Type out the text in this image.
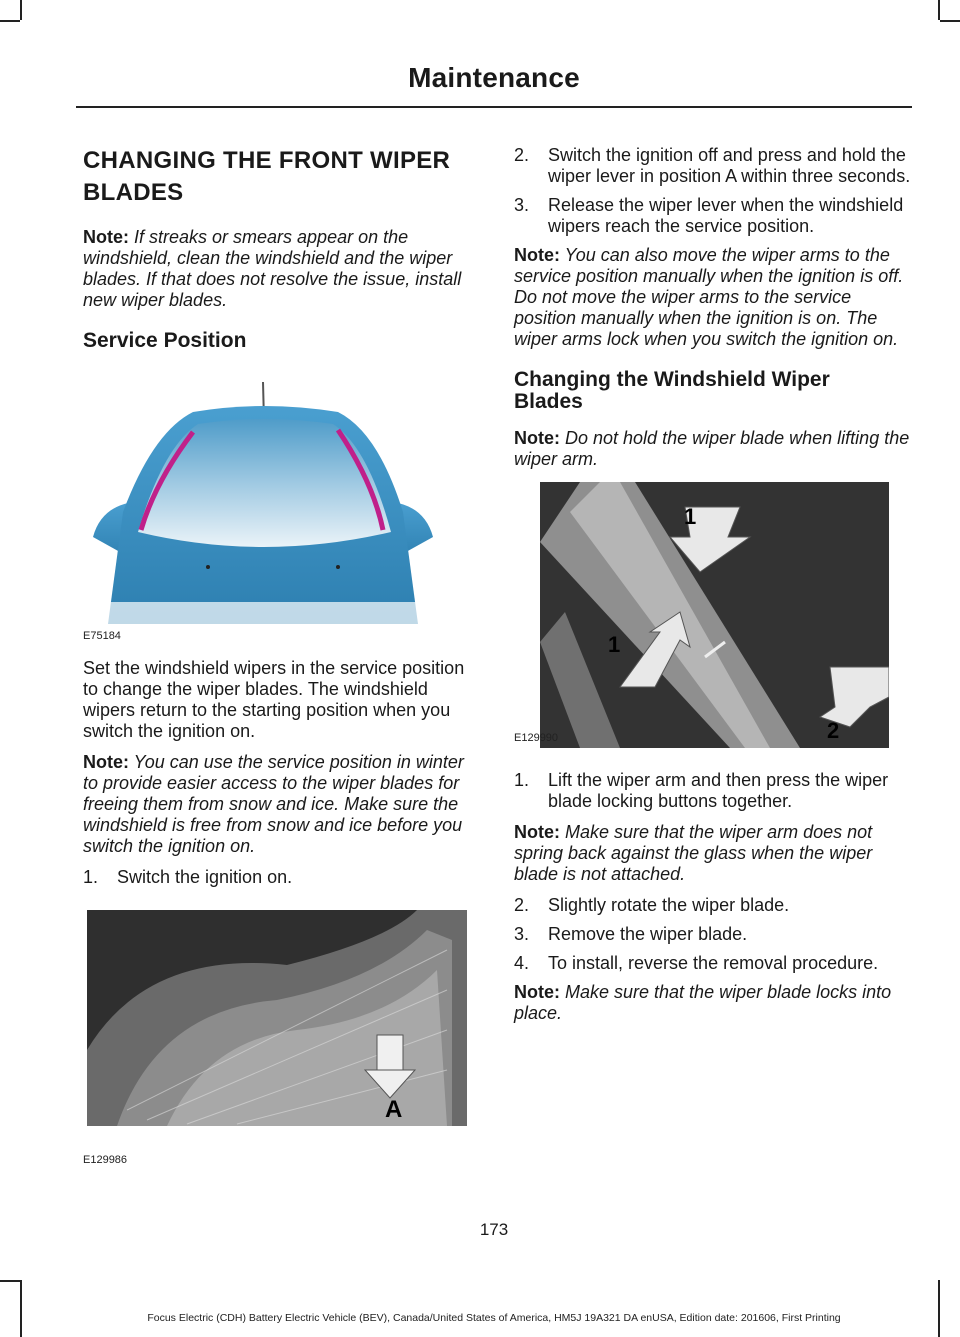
Maintenance
CHANGING THE FRONT WIPER
BLADES

Note: If streaks or smears appear on the windshield, clean the windshield and the wiper blades. If that does not resolve the issue, install new wiper blades.

Service Position
E75184

Set the windshield wipers in the service position to change the wiper blades. The windshield wipers return to the starting position when you switch the ignition on.

Note: You can use the service position in winter to provide easier access to the wiper blades for freeing them from snow and ice. Make sure the windshield is free from snow and ice before you switch the ignition on.

1.	Switch the ignition on.
A
E129986
2.	Switch the ignition off and press and hold the wiper lever in position A within three seconds.
3.	Release the wiper lever when the windshield wipers reach the service position.

Note: You can also move the wiper arms to the service position manually when the ignition is off. Do not move the wiper arms to the service position manually when the ignition is on. The wiper arms lock when you switch the ignition on.

Changing the Windshield Wiper
Blades

Note: Do not hold the wiper blade when lifting the wiper arm.

1
1
2
E129990
1.	Lift the wiper arm and then press the wiper blade locking buttons together.

Note: Make sure that the wiper arm does not spring back against the glass when the wiper blade is not attached.

2.	Slightly rotate the wiper blade.
3.	Remove the wiper blade.
4.	To install, reverse the removal procedure.

Note: Make sure that the wiper blade locks into place.

173
Focus Electric (CDH) Battery Electric Vehicle (BEV), Canada/United States of America, HM5J 19A321 DA enUSA, Edition date: 201606, First Printing
